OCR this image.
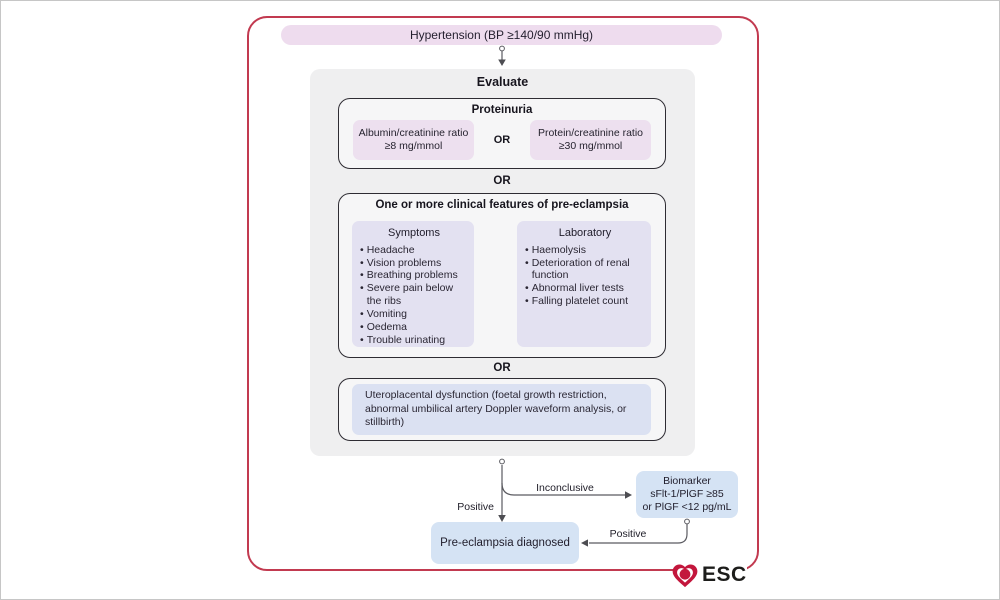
Hypertension (BP ≥140/90 mmHg)
Evaluate
Proteinuria
Albumin/creatinine ratio ≥8 mg/mmol	OR
Protein/creatinine ratio ≥30 mg/mmol
OR
One or more clinical features of pre-eclampsia
Symptoms
• Headache
• Vision problems
• Breathing problems
• Severe pain below the ribs
• Vomiting
• Oedema
• Trouble urinating
Laboratory
• Haemolysis
• Deterioration of renal function
• Abnormal liver tests
• Falling platelet count
OR
Uteroplacental dysfunction (foetal growth restriction, abnormal umbilical artery Doppler waveform analysis, or stillbirth)
Positive
Inconclusive
Positive
Biomarker
sFlt-1/PlGF ≥85
or PlGF <12 pg/mL
Pre-eclampsia diagnosed
ESC
